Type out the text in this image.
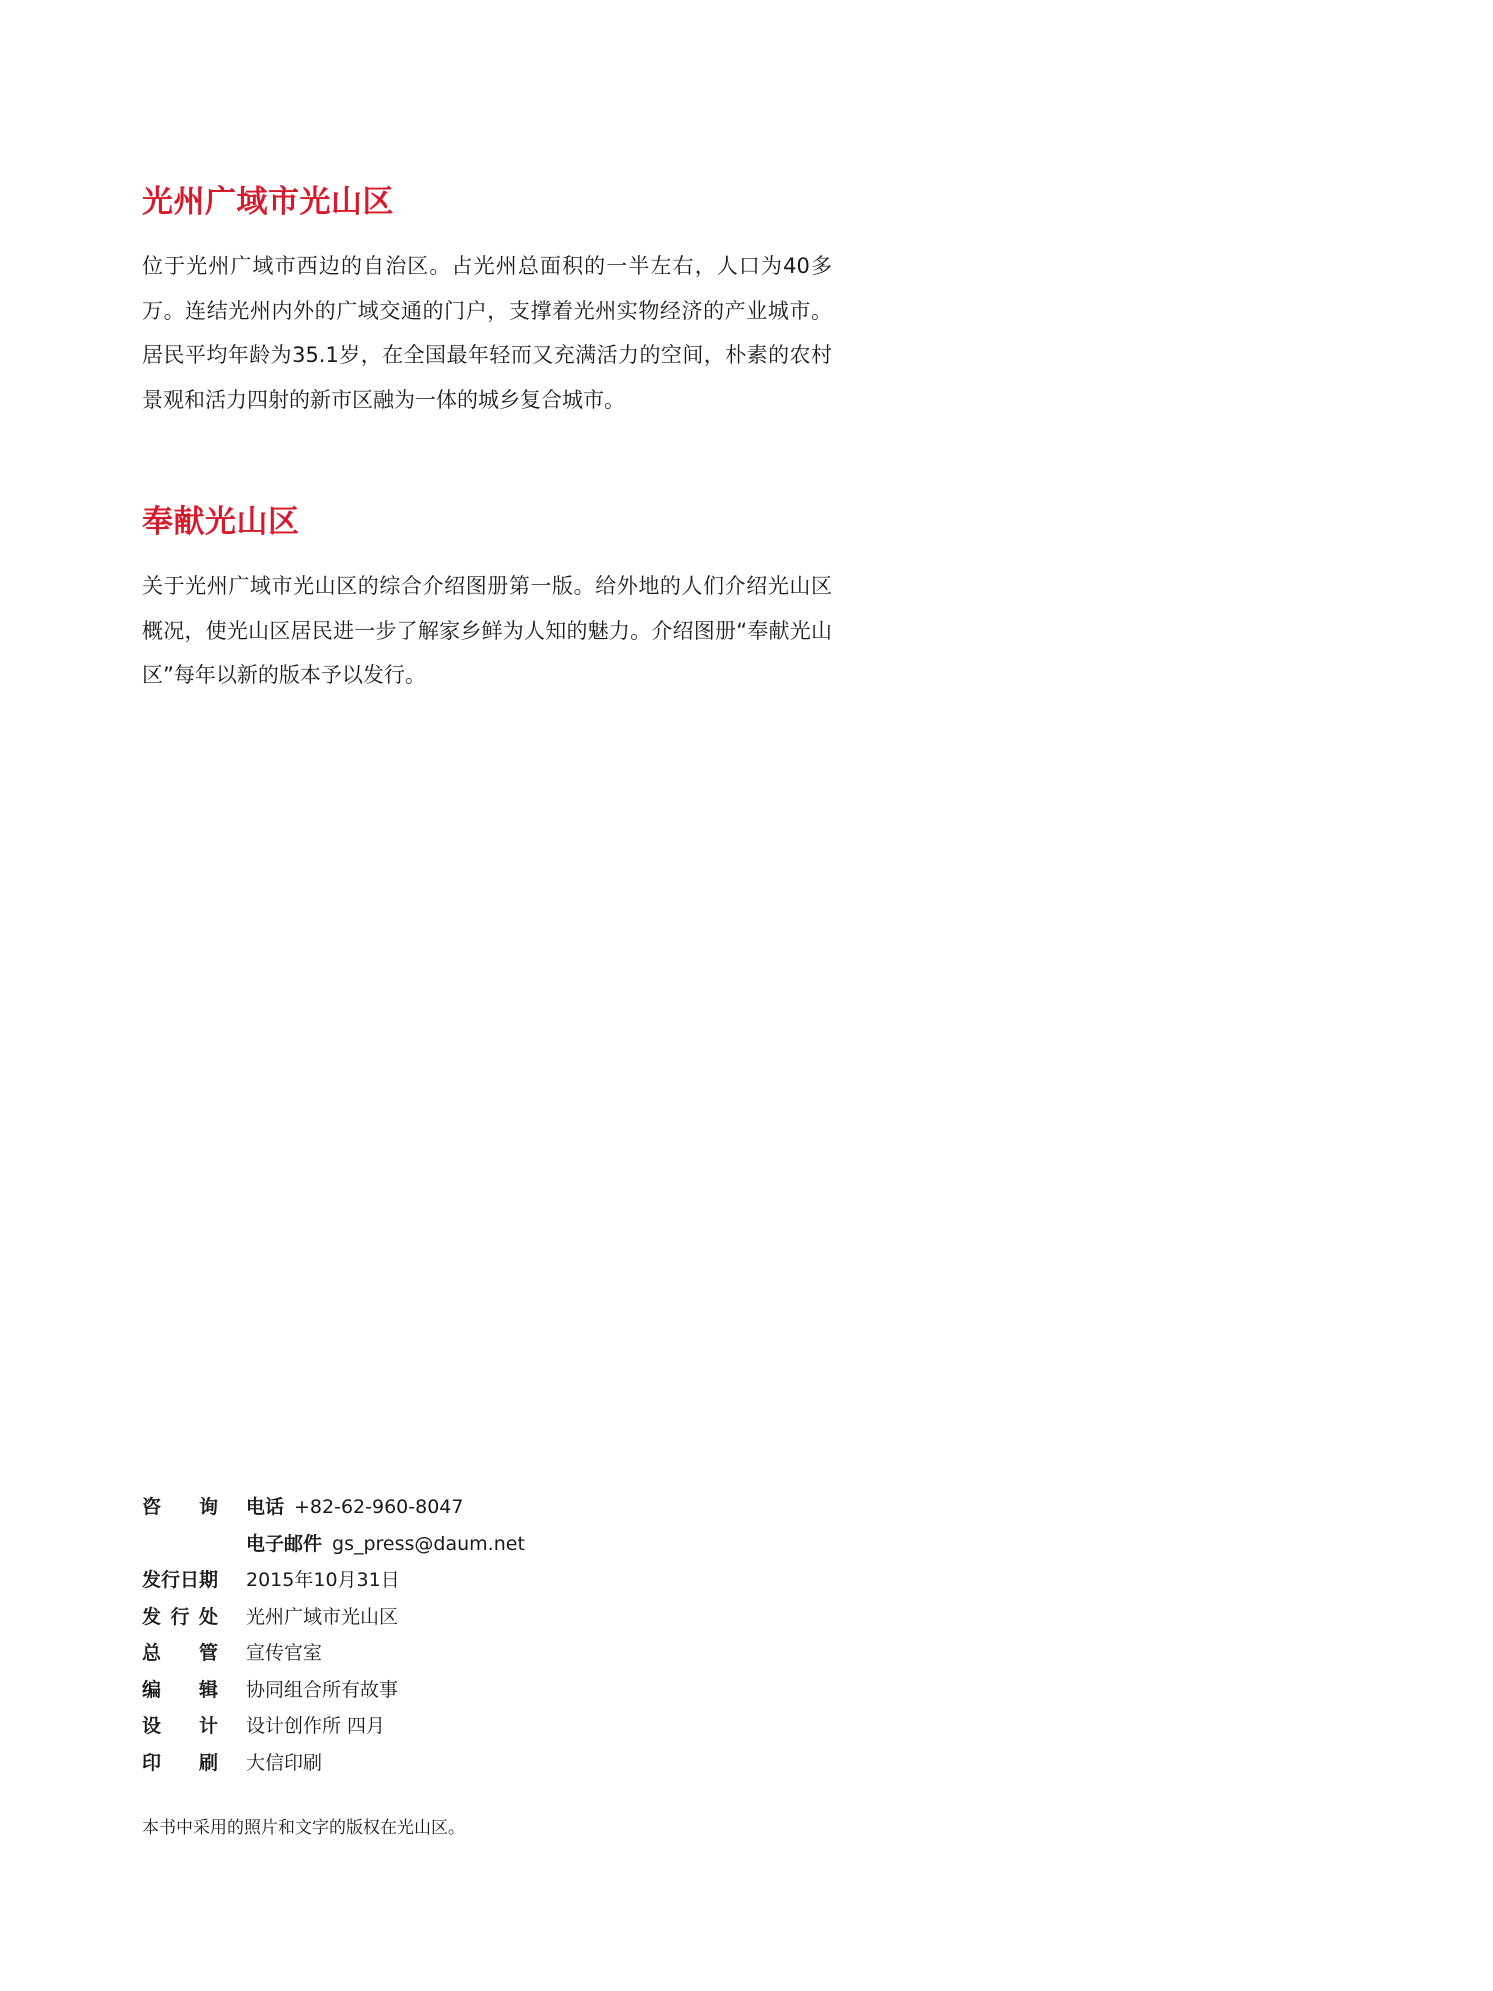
光州广域市光山区

位于光州广域市西边的自治区。占光州总面积的一半左右，人口为40多万。连结光州内外的广域交通的门户，支撑着光州实物经济的产业城市。居民平均年龄为35.1岁，在全国最年轻而又充满活力的空间，朴素的农村景观和活力四射的新市区融为一体的城乡复合城市。

奉献光山区

关于光州广域市光山区的综合介绍图册第一版。给外地的人们介绍光山区概况，使光山区居民进一步了解家乡鲜为人知的魅力。介绍图册“奉献光山区”每年以新的版本予以发行。

咨 询 电话 +82-62-960-8047
电子邮件 gs_press@daum.net
发行日期	2015年10月31日
发 行 处 光州广域市光山区
总 管 宣传官室
编 辑 协同组合所有故事
设 计 设计创作所 四月
印 刷 大信印刷

本书中采用的照片和文字的版权在光山区。
